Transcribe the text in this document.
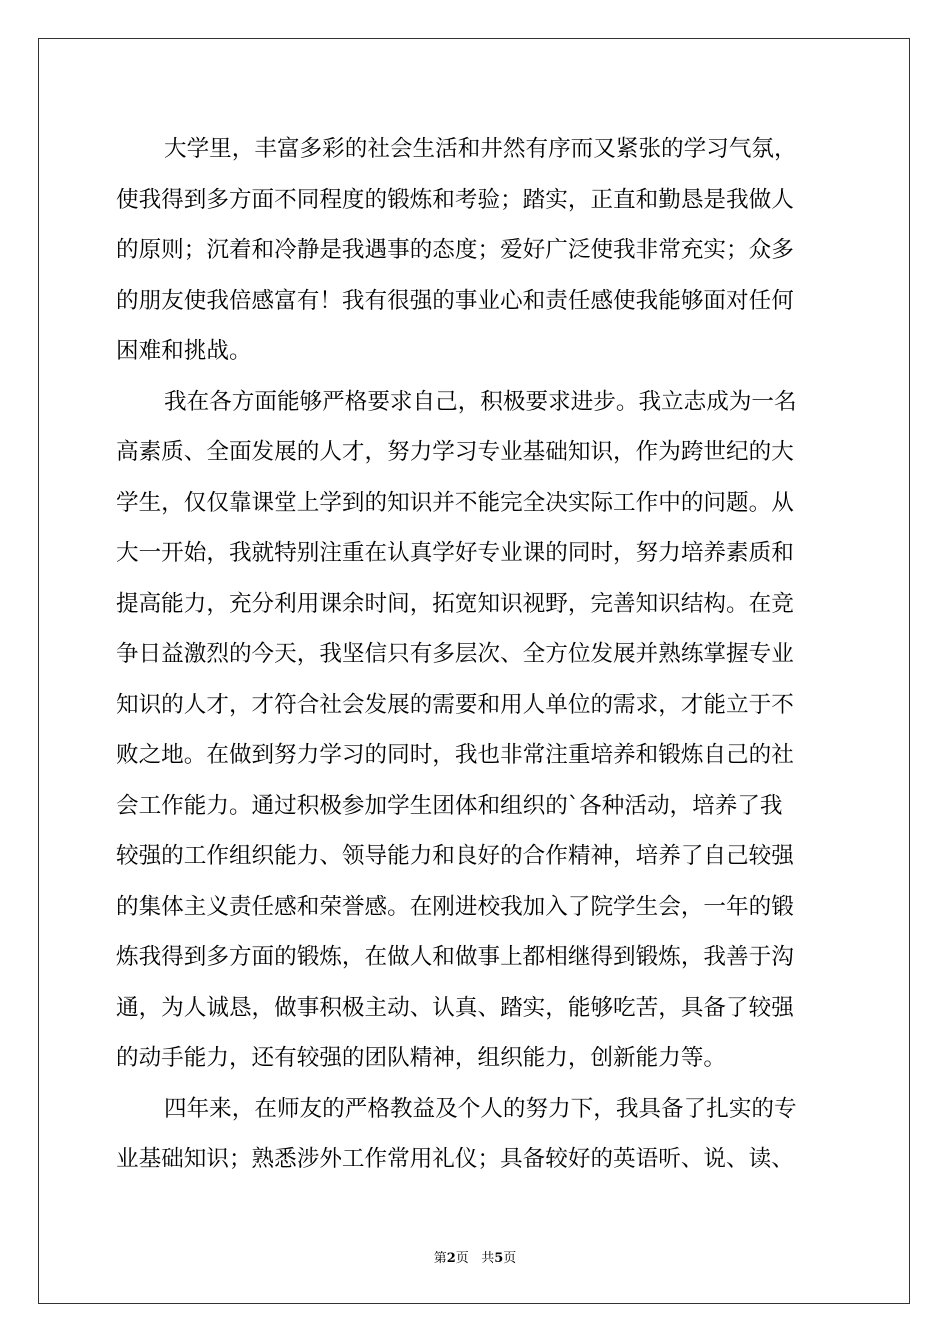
大学里，丰富多彩的社会生活和井然有序而又紧张的学习气氛，
使我得到多方面不同程度的锻炼和考验；踏实，正直和勤恳是我做人
的原则；沉着和冷静是我遇事的态度；爱好广泛使我非常充实；众多
的朋友使我倍感富有！我有很强的事业心和责任感使我能够面对任何
困难和挑战。
我在各方面能够严格要求自己，积极要求进步。我立志成为一名
高素质、全面发展的人才，努力学习专业基础知识，作为跨世纪的大
学生，仅仅靠课堂上学到的知识并不能完全决实际工作中的问题。从
大一开始，我就特别注重在认真学好专业课的同时，努力培养素质和
提高能力，充分利用课余时间，拓宽知识视野，完善知识结构。在竞
争日益激烈的今天，我坚信只有多层次、全方位发展并熟练掌握专业
知识的人才，才符合社会发展的需要和用人单位的需求，才能立于不
败之地。在做到努力学习的同时，我也非常注重培养和锻炼自己的社
会工作能力。通过积极参加学生团体和组织的`各种活动，培养了我
较强的工作组织能力、领导能力和良好的合作精神，培养了自己较强
的集体主义责任感和荣誉感。在刚进校我加入了院学生会，一年的锻
炼我得到多方面的锻炼，在做人和做事上都相继得到锻炼，我善于沟
通，为人诚恳，做事积极主动、认真、踏实，能够吃苦，具备了较强
的动手能力，还有较强的团队精神，组织能力，创新能力等。
四年来，在师友的严格教益及个人的努力下，我具备了扎实的专
业基础知识；熟悉涉外工作常用礼仪；具备较好的英语听、说、读、
第2页 共5页
